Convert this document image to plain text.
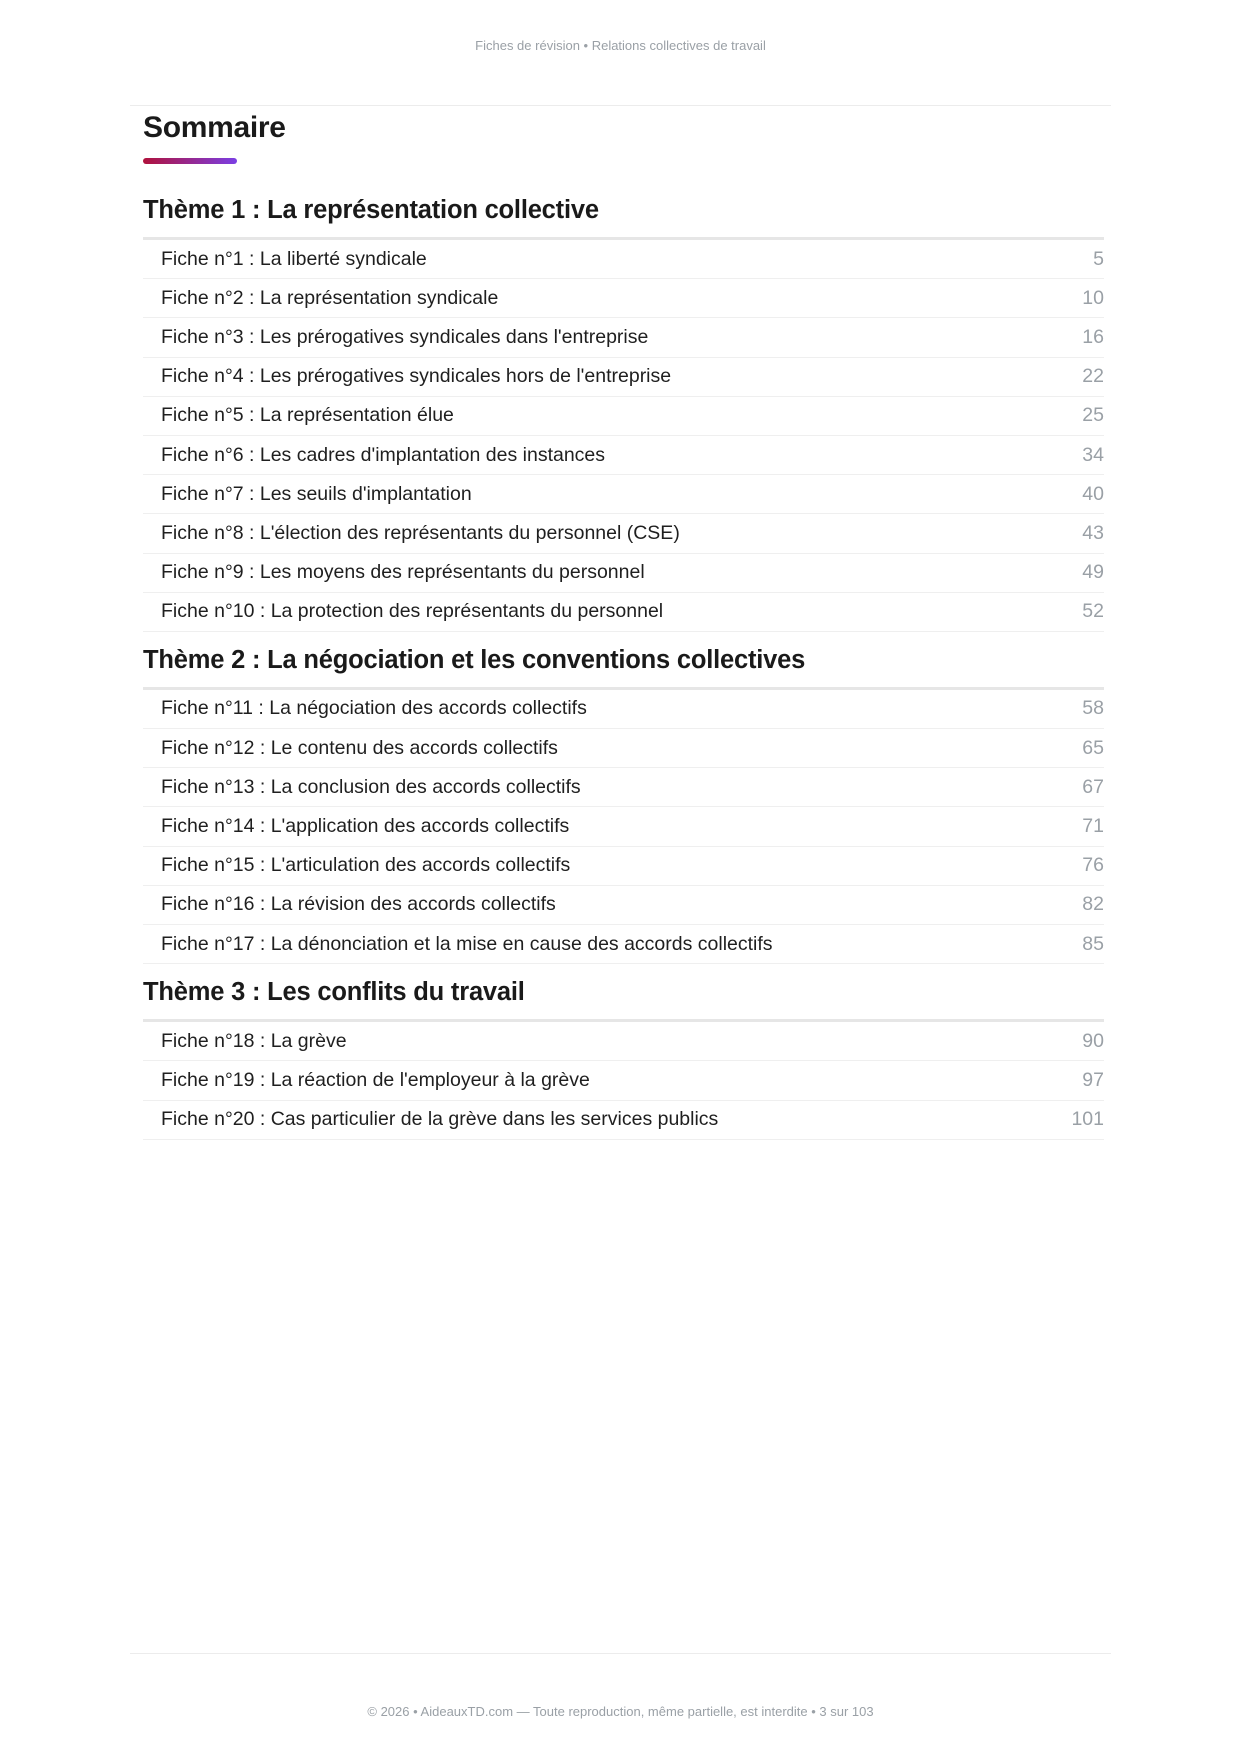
Fiches de révision • Relations collectives de travail
Sommaire
Thème 1 : La représentation collective
Fiche n°1 : La liberté syndicale	5
Fiche n°2 : La représentation syndicale	10
Fiche n°3 : Les prérogatives syndicales dans l'entreprise	16
Fiche n°4 : Les prérogatives syndicales hors de l'entreprise	22
Fiche n°5 : La représentation élue	25
Fiche n°6 : Les cadres d'implantation des instances	34
Fiche n°7 : Les seuils d'implantation	40
Fiche n°8 : L'élection des représentants du personnel (CSE)	43
Fiche n°9 : Les moyens des représentants du personnel	49
Fiche n°10 : La protection des représentants du personnel	52
Thème 2 : La négociation et les conventions collectives
Fiche n°11 : La négociation des accords collectifs	58
Fiche n°12 : Le contenu des accords collectifs	65
Fiche n°13 : La conclusion des accords collectifs	67
Fiche n°14 : L'application des accords collectifs	71
Fiche n°15 : L'articulation des accords collectifs	76
Fiche n°16 : La révision des accords collectifs	82
Fiche n°17 : La dénonciation et la mise en cause des accords collectifs	85
Thème 3 : Les conflits du travail
Fiche n°18 : La grève	90
Fiche n°19 : La réaction de l'employeur à la grève	97
Fiche n°20 : Cas particulier de la grève dans les services publics	101
© 2026 • AideauxTD.com — Toute reproduction, même partielle, est interdite • 3 sur 103
